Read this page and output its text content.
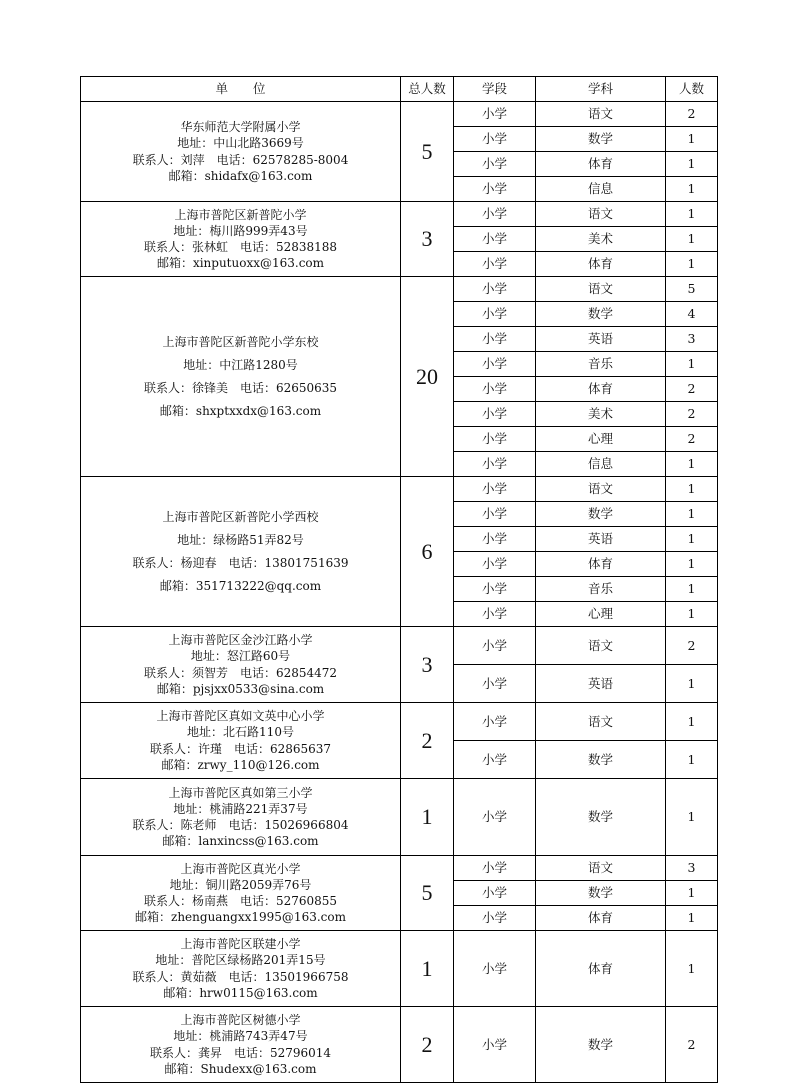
单　　位	总人数	学段	学科	人数

华东师范大学附属小学
地址：中山北路3669号
联系人：刘萍　电话：62578285-8004
邮箱：shidafx@163.com	5	小学	语文	2
		小学	数学	1
		小学	体育	1
		小学	信息	1

上海市普陀区新普陀小学
地址：梅川路999弄43号
联系人：张林虹　电话：52838188
邮箱：xinputuoxx@163.com	3	小学	语文	1
		小学	美术	1
		小学	体育	1

上海市普陀区新普陀小学东校
地址：中江路1280号
联系人：徐锋美　电话：62650635
邮箱：shxptxxdx@163.com	20	小学	语文	5
		小学	数学	4
		小学	英语	3
		小学	音乐	1
		小学	体育	2
		小学	美术	2
		小学	心理	2
		小学	信息	1

上海市普陀区新普陀小学西校
地址：绿杨路51弄82号
联系人：杨迎春　电话：13801751639
邮箱：351713222@qq.com	6	小学	语文	1
		小学	数学	1
		小学	英语	1
		小学	体育	1
		小学	音乐	1
		小学	心理	1

上海市普陀区金沙江路小学
地址：怒江路60号
联系人：须智芳　电话：62854472
邮箱：pjsjxx0533@sina.com	3	小学	语文	2
		小学	英语	1

上海市普陀区真如文英中心小学
地址：北石路110号
联系人：许瑾　电话：62865637
邮箱：zrwy_110@126.com	2	小学	语文	1
		小学	数学	1

上海市普陀区真如第三小学
地址：桃浦路221弄37号
联系人：陈老师　电话：15026966804
邮箱：lanxincss@163.com	1	小学	数学	1

上海市普陀区真光小学
地址：铜川路2059弄76号
联系人：杨南燕　电话：52760855
邮箱：zhenguangxx1995@163.com	5	小学	语文	3
		小学	数学	1
		小学	体育	1

上海市普陀区联建小学
地址：普陀区绿杨路201弄15号
联系人：黄茹薇　电话：13501966758
邮箱：hrw0115@163.com	1	小学	体育	1

上海市普陀区树德小学
地址：桃浦路743弄47号
联系人：龚昇　电话：52796014
邮箱：Shudexx@163.com	2	小学	数学	2
